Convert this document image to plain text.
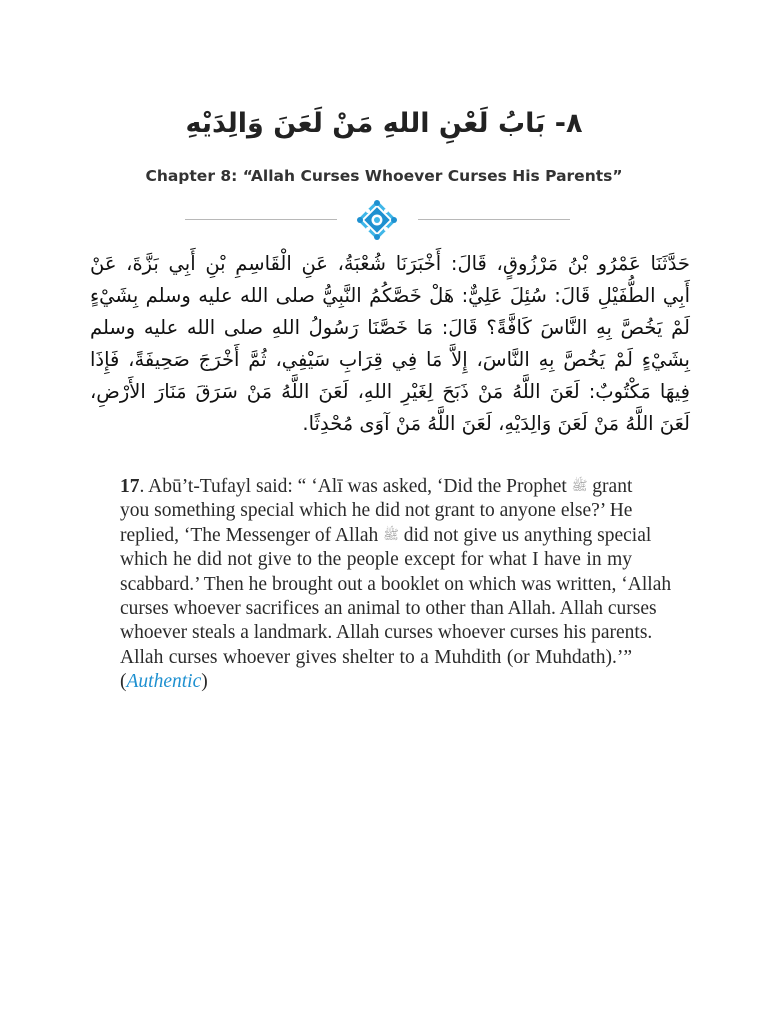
٨- بَابُ لَعْنِ اللهِ مَنْ لَعَنَ وَالِدَيْهِ
Chapter 8: “Allah Curses Whoever Curses His Parents”
حَدَّثَنَا عَمْرُو بْنُ مَرْزُوقٍ، قَالَ: أَخْبَرَنَا شُعْبَةُ، عَنِ الْقَاسِمِ بْنِ أَبِي بَزَّةَ، عَنْ
أَبِي الطُّفَيْلِ قَالَ: سُئِلَ عَلِيٌّ: هَلْ خَصَّكُمُ النَّبِيُّ صلى الله عليه وسلم بِشَيْءٍ
لَمْ يَخُصَّ بِهِ النَّاسَ كَافَّةً؟ قَالَ: مَا خَصَّنَا رَسُولُ اللهِ صلى الله عليه وسلم
بِشَيْءٍ لَمْ يَخُصَّ بِهِ النَّاسَ، إِلاَّ مَا فِي قِرَابِ سَيْفِي، ثُمَّ أَخْرَجَ صَحِيفَةً، فَإِذَا
فِيهَا مَكْتُوبٌ: لَعَنَ اللَّهُ مَنْ ذَبَحَ لِغَيْرِ اللهِ، لَعَنَ اللَّهُ مَنْ سَرَقَ مَنَارَ الأَرْضِ،
لَعَنَ اللَّهُ مَنْ لَعَنَ وَالِدَيْهِ، لَعَنَ اللَّهُ مَنْ آوَى مُحْدِثًا.
17. Abū’t-Tufayl said: “ ‘Alī was asked, ‘Did the Prophet ﷺ grant
you something special which he did not grant to anyone else?’ He
replied, ‘The Messenger of Allah ﷺ did not give us anything special
which he did not give to the people except for what I have in my
scabbard.’ Then he brought out a booklet on which was written, ‘Allah
curses whoever sacrifices an animal to other than Allah. Allah curses
whoever steals a landmark. Allah curses whoever curses his parents.
Allah curses whoever gives shelter to a Muhdith (or Muhdath).’”
(Authentic)
